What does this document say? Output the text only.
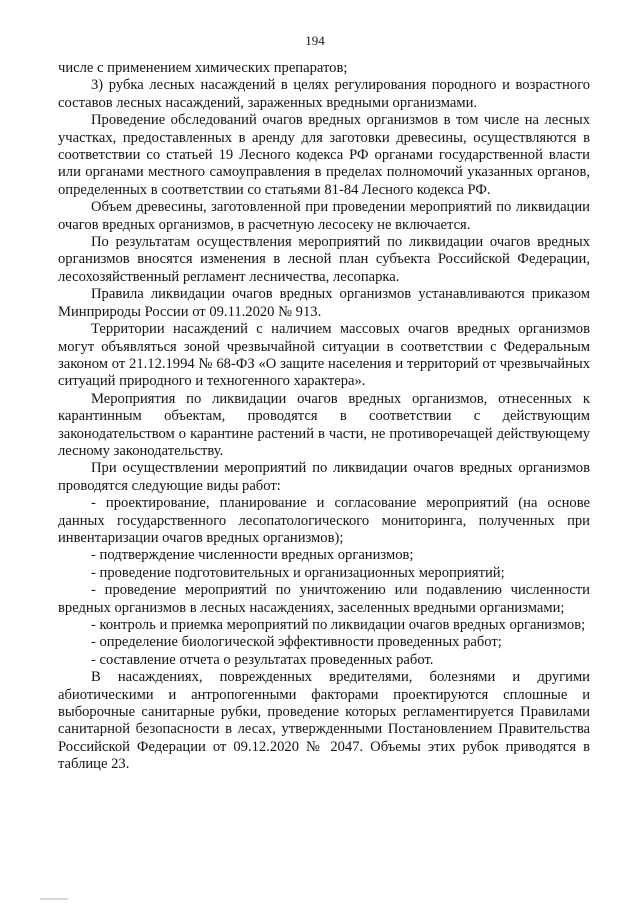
194

числе с применением химических препаратов;

3) рубка лесных насаждений в целях регулирования породного и возрастного составов лесных насаждений, зараженных вредными организмами.

Проведение обследований очагов вредных организмов в том числе на лесных участках, предоставленных в аренду для заготовки древесины, осуществляются в соответствии со статьей 19 Лесного кодекса РФ органами государственной власти или органами местного самоуправления в пределах полномочий указанных органов, определенных в соответствии со статьями 81-84 Лесного кодекса РФ.

Объем древесины, заготовленной при проведении мероприятий по ликвидации очагов вредных организмов, в расчетную лесосеку не включается.

По результатам осуществления мероприятий по ликвидации очагов вредных организмов вносятся изменения в лесной план субъекта Российской Федерации, лесохозяйственный регламент лесничества, лесопарка.

Правила ликвидации очагов вредных организмов устанавливаются приказом Минприроды России от 09.11.2020 № 913.

Территории насаждений с наличием массовых очагов вредных организмов могут объявляться зоной чрезвычайной ситуации в соответствии с Федеральным законом от 21.12.1994 № 68-ФЗ «О защите населения и территорий от чрезвычайных ситуаций природного и техногенного характера».

Мероприятия по ликвидации очагов вредных организмов, отнесенных к карантинным объектам, проводятся в соответствии с действующим законодательством о карантине растений в части, не противоречащей действующему лесному законодательству.

При осуществлении мероприятий по ликвидации очагов вредных организмов проводятся следующие виды работ:

- проектирование, планирование и согласование мероприятий (на основе данных государственного лесопатологического мониторинга, полученных при инвентаризации очагов вредных организмов);

- подтверждение численности вредных организмов;

- проведение подготовительных и организационных мероприятий;

- проведение мероприятий по уничтожению или подавлению численности вредных организмов в лесных насаждениях, заселенных вредными организмами;

- контроль и приемка мероприятий по ликвидации очагов вредных организмов;

- определение биологической эффективности проведенных работ;

- составление отчета о результатах проведенных работ.

В насаждениях, поврежденных вредителями, болезнями и другими абиотическими и антропогенными факторами проектируются сплошные и выборочные санитарные рубки, проведение которых регламентируется Правилами санитарной безопасности в лесах, утвержденными Постановлением Правительства Российской Федерации от 09.12.2020 № 2047. Объемы этих рубок приводятся в таблице 23.
